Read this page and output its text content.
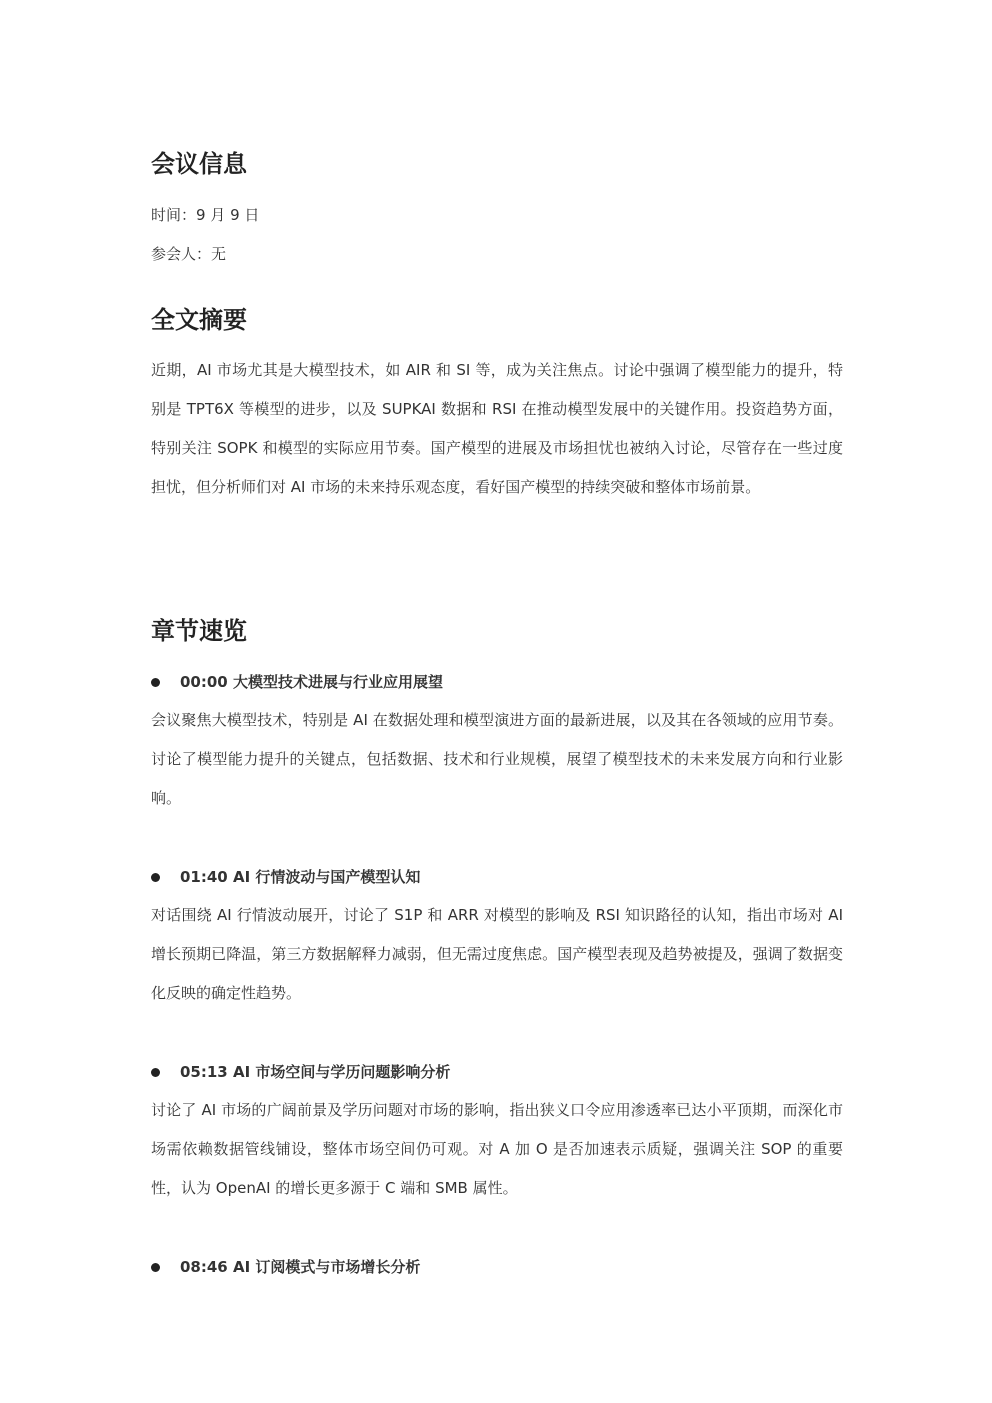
会议信息
时间：9 月 9 日
参会人：无
全文摘要

近期，AI 市场尤其是大模型技术，如 AIR 和 SI 等，成为关注焦点。讨论中强调了模型能力的提升，特别是 TPT6X 等模型的进步，以及 SUPKAI 数据和 RSI 在推动模型发展中的关键作用。投资趋势方面，特别关注 SOPK 和模型的实际应用节奏。国产模型的进展及市场担忧也被纳入讨论，尽管存在一些过度担忧，但分析师们对 AI 市场的未来持乐观态度，看好国产模型的持续突破和整体市场前景。

章节速览
00:00 大模型技术进展与行业应用展望

会议聚焦大模型技术，特别是 AI 在数据处理和模型演进方面的最新进展，以及其在各领域的应用节奏。讨论了模型能力提升的关键点，包括数据、技术和行业规模，展望了模型技术的未来发展方向和行业影响。

01:40 AI 行情波动与国产模型认知

对话围绕 AI 行情波动展开，讨论了 S1P 和 ARR 对模型的影响及 RSI 知识路径的认知，指出市场对 AI 增长预期已降温，第三方数据解释力减弱，但无需过度焦虑。国产模型表现及趋势被提及，强调了数据变化反映的确定性趋势。

05:13 AI 市场空间与学历问题影响分析

讨论了 AI 市场的广阔前景及学历问题对市场的影响，指出狭义口令应用渗透率已达小平顶期，而深化市场需依赖数据管线铺设，整体市场空间仍可观。对 A 加 O 是否加速表示质疑，强调关注 SOP 的重要性，认为 OpenAI 的增长更多源于 C 端和 SMB 属性。

08:46 AI 订阅模式与市场增长分析
